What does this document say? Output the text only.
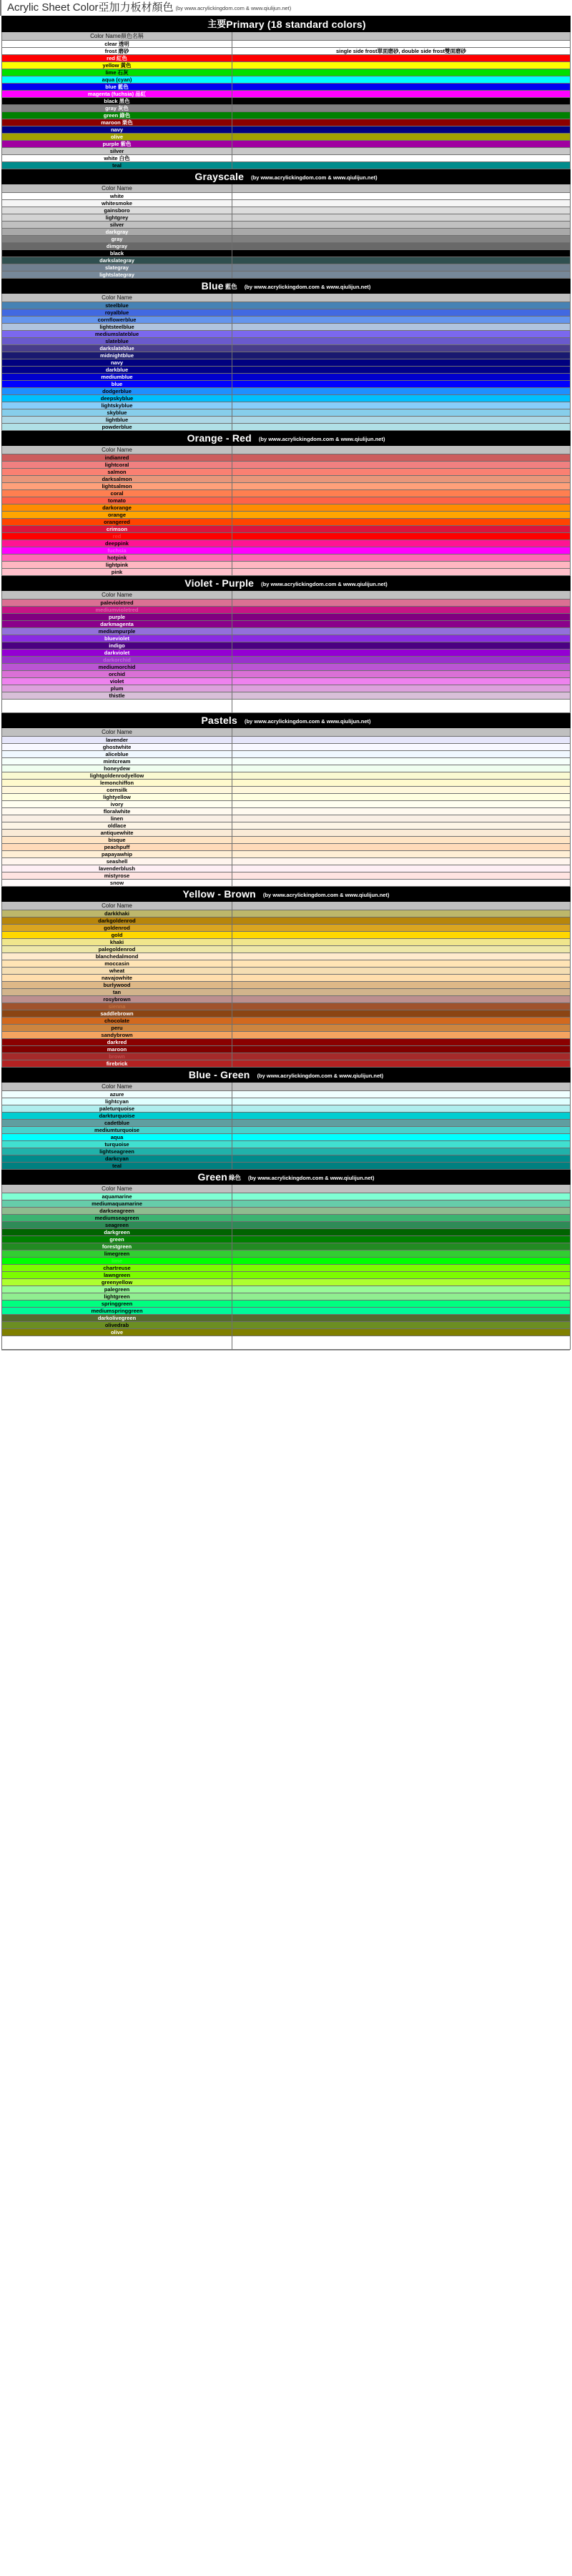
Acrylic Sheet Color亞加力板材顏色 (by www.acrylickingdom.com & www.qiulijun.net)
主要Primary (18 standard colors)	
Color Name顏色名稱	
clear 透明	
frost 磨砂	single side frost單面磨砂, double side frost雙面磨砂
red 紅色	
yellow 黃色	
lime 石灰	
aqua (cyan)	
blue 藍色	
magenta (fuchsia) 品紅	
black 黑色	
gray 灰色	
green 綠色	
maroon 栗色	
navy	
olive	
purple 紫色	
silver	
white 白色	
teal	
Grayscale (by www.acrylickingdom.com & www.qiulijun.net)	
Color Name	
white	
whitesmoke	
gainsboro	
lightgrey	
silver	
darkgray	
gray	
dimgray	
black	
darkslategray	
slategray	
lightslategray	
Blue 藍色 (by www.acrylickingdom.com & www.qiulijun.net)	
Color Name	
steelblue	
royalblue	
cornflowerblue	
lightsteelblue	
mediumslateblue	
slateblue	
darkslateblue	
midnightblue	
navy	
darkblue	
mediumblue	
blue	
dodgerblue	
deepskyblue	
lightskyblue	
skyblue	
lightblue	
powderblue	
Orange - Red (by www.acrylickingdom.com & www.qiulijun.net)	
Color Name	
indianred	
lightcoral	
salmon	
darksalmon	
lightsalmon	
coral	
tomato	
darkorange	
orange	
orangered	
crimson	
red	
deeppink	
fuchsia	
hotpink	
lightpink	
pink	
Violet - Purple (by www.acrylickingdom.com & www.qiulijun.net)	
Color Name	
palevioletred	
mediumvioletred	
purple	
darkmagenta	
mediumpurple	
blueviolet	
indigo	
darkviolet	
darkorchid	
mediumorchid	
orchid	
violet	
plum	
thistle	

Pastels (by www.acrylickingdom.com & www.qiulijun.net)	
Color Name	
lavender	
ghostwhite	
aliceblue	
mintcream	
honeydew	
lightgoldenrodyellow	
lemonchiffon	
cornsilk	
lightyellow	
ivory	
floralwhite	
linen	
oldlace	
antiquewhite	
bisque	
peachpuff	
papayawhip	
seashell	
lavenderblush	
mistyrose	
snow	
Yellow - Brown (by www.acrylickingdom.com & www.qiulijun.net)	
Color Name	
darkkhaki	
darkgoldenrod	
goldenrod	
gold	
khaki	
palegoldenrod	
blanchedalmond	
moccasin	
wheat	
navajowhite	
burlywood	
tan	
rosybrown	
sienna	
saddlebrown	
chocolate	
peru	
sandybrown	
darkred	
maroon	
brown	
firebrick	
Blue - Green (by www.acrylickingdom.com & www.qiulijun.net)	
Color Name	
azure	
lightcyan	
paleturquoise	
darkturquoise	
cadetblue	
mediumturquoise	
aqua	
turquoise	
lightseagreen	
darkcyan	
teal	
Green 綠色 (by www.acrylickingdom.com & www.qiulijun.net)	
Color Name	
aquamarine	
mediumaquamarine	
darkseagreen	
mediumseagreen	
seagreen	
darkgreen	
green	
forestgreen	
limegreen	
lime	
chartreuse	
lawngreen	
greenyellow	
palegreen	
lightgreen	
springgreen	
mediumspringgreen	
darkolivegreen	
olivedrab	
olive	
